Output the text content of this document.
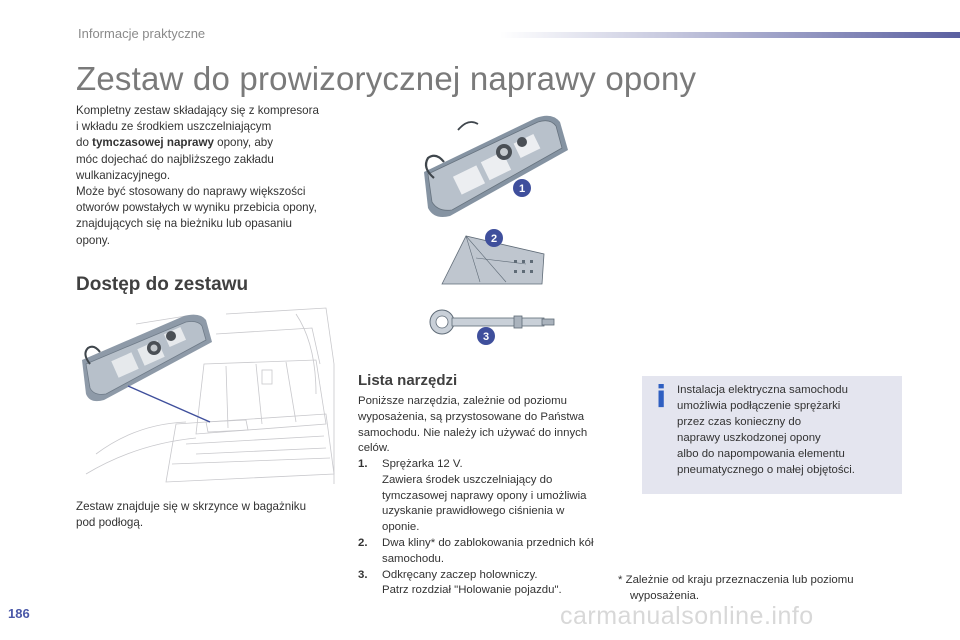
Informacje praktyczne
Zestaw do prowizorycznej naprawy opony
Kompletny zestaw składający się z kompresora
i wkładu ze środkiem uszczelniającym
do tymczasowej naprawy opony, aby
móc dojechać do najbliższego zakładu
wulkanizacyjnego.
Może być stosowany do naprawy większości
otworów powstałych w wyniku przebicia opony,
znajdujących się na bieżniku lub opasaniu
opony.
Dostęp do zestawu
Zestaw znajduje się w skrzynce w bagażniku
pod podłogą.
1
2
3
Lista narzędzi
Poniższe narzędzia, zależnie od poziomu
wyposażenia, są przystosowane do Państwa
samochodu. Nie należy ich używać do innych
celów.
1. Sprężarka 12 V.
Zawiera środek uszczelniający do
tymczasowej naprawy opony i umożliwia
uzyskanie prawidłowego ciśnienia w
oponie.
2. Dwa kliny* do zablokowania przednich kół
samochodu.
3. Odkręcany zaczep holowniczy.
Patrz rozdział "Holowanie pojazdu".
i Instalacja elektryczna samochodu
umożliwia podłączenie sprężarki
przez czas konieczny do
naprawy uszkodzonej opony
albo do napompowania elementu
pneumatycznego o małej objętości.
* Zależnie od kraju przeznaczenia lub poziomu
wyposażenia.
186	carmanualsonline.info
